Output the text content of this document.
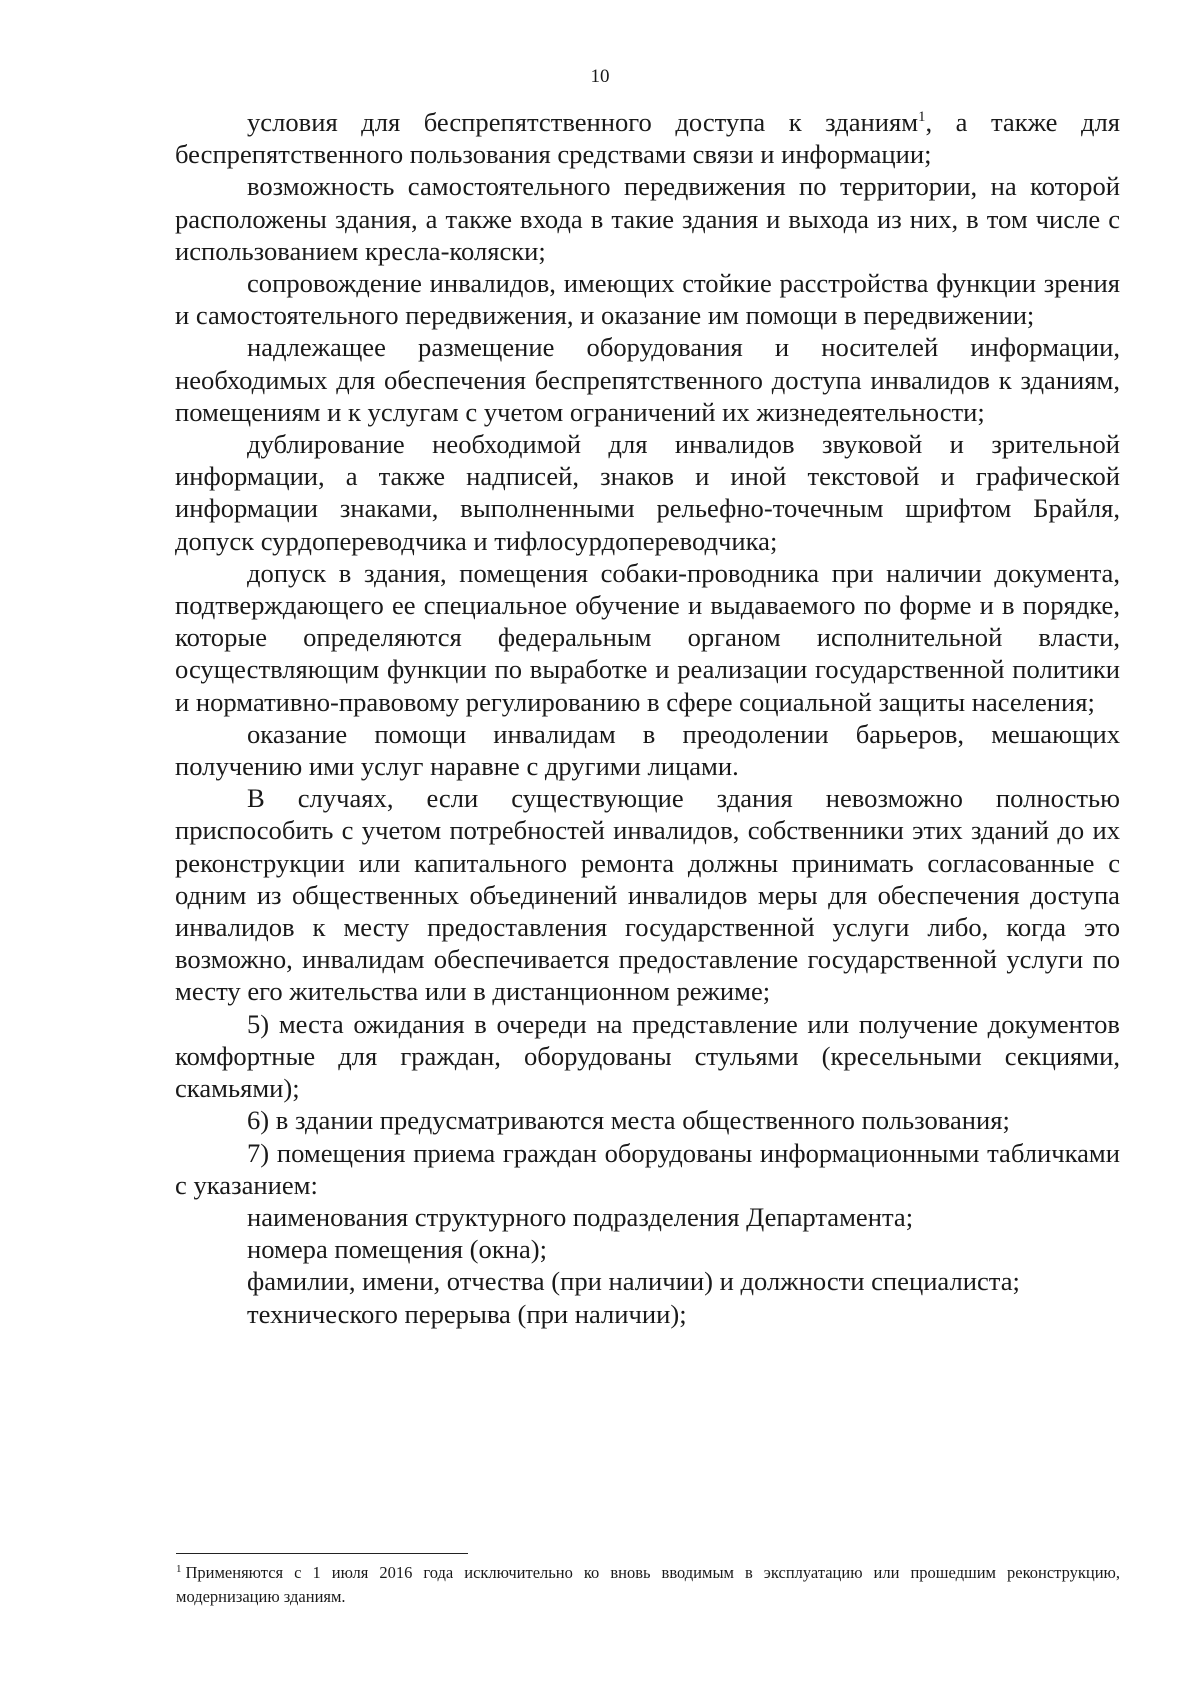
10

условия для беспрепятственного доступа к зданиям$^1$, а также для беспрепятственного пользования средствами связи и информации;

возможность самостоятельного передвижения по территории, на которой расположены здания, а также входа в такие здания и выхода из них, в том числе с использованием кресла-коляски;

сопровождение инвалидов, имеющих стойкие расстройства функции зрения и самостоятельного передвижения, и оказание им помощи в передвижении;

надлежащее размещение оборудования и носителей информации, необходимых для обеспечения беспрепятственного доступа инвалидов к зданиям, помещениям и к услугам с учетом ограничений их жизнедеятельности;

дублирование необходимой для инвалидов звуковой и зрительной информации, а также надписей, знаков и иной текстовой и графической информации знаками, выполненными рельефно-точечным шрифтом Брайля, допуск сурдопереводчика и тифлосурдопереводчика;

допуск в здания, помещения собаки-проводника при наличии документа, подтверждающего ее специальное обучение и выдаваемого по форме и в порядке, которые определяются федеральным органом исполнительной власти, осуществляющим функции по выработке и реализации государственной политики и нормативно-правовому регулированию в сфере социальной защиты населения;

оказание помощи инвалидам в преодолении барьеров, мешающих получению ими услуг наравне с другими лицами.

В случаях, если существующие здания невозможно полностью приспособить с учетом потребностей инвалидов, собственники этих зданий до их реконструкции или капитального ремонта должны принимать согласованные с одним из общественных объединений инвалидов меры для обеспечения доступа инвалидов к месту предоставления государственной услуги либо, когда это возможно, инвалидам обеспечивается предоставление государственной услуги по месту его жительства или в дистанционном режиме;

5) места ожидания в очереди на представление или получение документов комфортные для граждан, оборудованы стульями (кресельными секциями, скамьями);

6) в здании предусматриваются места общественного пользования;

7) помещения приема граждан оборудованы информационными табличками с указанием:

наименования структурного подразделения Департамента;

номера помещения (окна);

фамилии, имени, отчества (при наличии) и должности специалиста;

технического перерыва (при наличии);

$^1$ Применяются с 1 июля 2016 года исключительно ко вновь вводимым в эксплуатацию или прошедшим реконструкцию, модернизацию зданиям.
